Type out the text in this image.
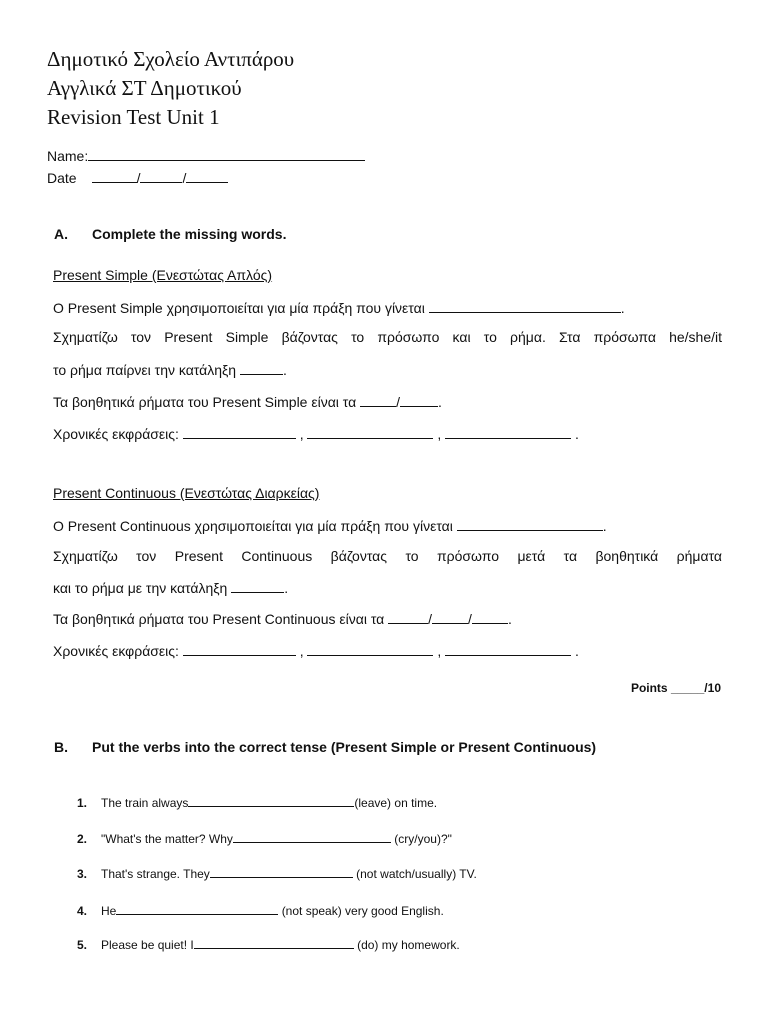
Δημοτικό Σχολείο Αντιπάρου
Αγγλικά ΣΤ Δημοτικού
Revision Test Unit 1
Name:
Date	/	/
A. Complete the missing words.
Present Simple (Ενεστώτας Απλός)
Ο Present Simple χρησιμοποιείται για μία πράξη που γίνεται	.
Σχηματίζω τον Present Simple βάζοντας το πρόσωπο και το ρήμα. Στα πρόσωπα he/she/it
το ρήμα παίρνει την κατάληξη	.
Τα βοηθητικά ρήματα του Present Simple είναι τα	/	.
Χρονικές εκφράσεις:	,	,	.
Present Continuous (Ενεστώτας Διαρκείας)
Ο Present Continuous χρησιμοποιείται για μία πράξη που γίνεται	.
Σχηματίζω τον Present Continuous βάζοντας το πρόσωπο μετά τα βοηθητικά ρήματα
και το ρήμα με την κατάληξη	.
Τα βοηθητικά ρήματα του Present Continuous είναι τα	/	/	.
Χρονικές εκφράσεις:	,	,	.
Points _____/10
B. Put the verbs into the correct tense (Present Simple or Present Continuous)
1. The train always	(leave) on time.
2. "What's the matter? Why	(cry/you)?"
3. That's strange. They	(not watch/usually) TV.
4. He	(not speak) very good English.
5. Please be quiet! I	(do) my homework.
